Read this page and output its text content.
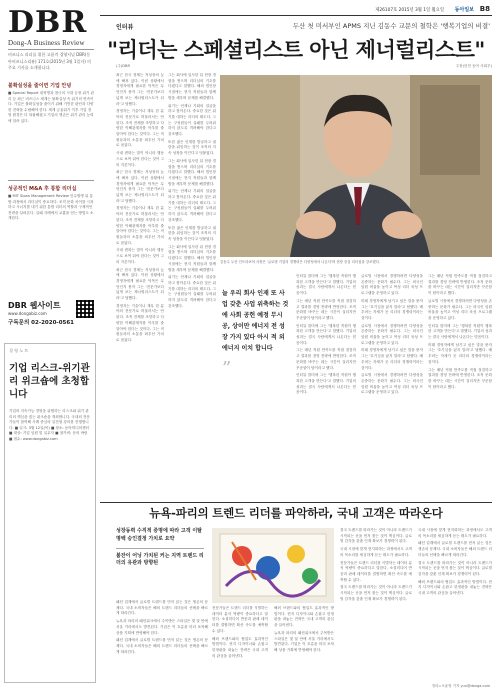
DBR
Dong-A Business Review
비즈니스 리더를 위한 고품격 경영저널 DBR(동아비즈니스리뷰) 171호(2015년 3월 1일자) 의 주요 기사를 소개합니다.
불확실성을 줄이면 기업 안녕
■ Special Report 대혁명과 참극의 시대 등장 위기 관리 등 최근 비즈니스 세계는 불확실성 속 위기의 연속이다. 기업은 불확실성을 줄이기 위해 기민한 판단과 다양한 전략을 수립해야 한다. 세계 금융위기 이후 기업 경영 환경은 더 복잡해졌고 기업의 생존은 위기 관리 능력에 달려 있다.
성공적인 M&A 후 통합 리더십
■ MIT Sloan Management Review 인수합병 뒤 통합 과정에서 리더십이 중요하다. 조직 문화 차이를 극복하고 시너지를 내기 위한 통합 리더의 역할과 구체적인 전략을 살펴본다. 실패 사례에서 교훈을 얻는 방법도 소개한다.
DBR 웹사이트
www.dongabiz.com
구독문의 02-2020-0561
경 영 노 트
기업 리스크-위기관리 위크숍에 초청합니다
기업의 지속가능 경영을 위협하는 리스크와 위기 관리의 핵심을 짚는 워크숍을 개최합니다. 국내외 전문가들이 참여해 사례 중심의 실전형 강의를 진행합니다. ■ 일시: 3월 12일(목) ■ 장소: 동아미디어센터 ■ 대상: 기업 임원 및 실무자 ■ 참가비: 문의 바람 ■ 접수: www.dongabiz.com
제26107호 2015년 3월 1일 월요일 동아일보 B8
인터뷰	두산 첫 미서부인 APMS 지닌 김동수 교문의 철학은 '행복기업의 비결'
"리더는 스페셜리스트 아닌 제너럴리스트"
(주)DBR	주장(한현 동아 사회부)

최근 한국 경제는 저성장의 늪에 빠져 있다. 이런 상황에서 경영자에게 필요한 덕목은 무엇인지 묻자 그는 '전문가보다 넓게 보는 제너럴리스트가 되라'고 답했다.

경영자는 기술이나 재무 한 분야의 전문가로 머물러서는 안 된다. 조직 전체를 조망하고 다양한 이해관계자를 아우를 줄 알아야 한다는 것이다. 그는 직원들과의 소통을 최우선 가치로 꼽았다.

사내 변화는 말이 아니라 행동으로 보여 줘야 한다는 것이 그의 지론이다.

최근 한국 경제는 저성장의 늪에 빠져 있다. 이런 상황에서 경영자에게 필요한 덕목은 무엇인지 묻자 그는 '전문가보다 넓게 보는 제너럴리스트가 되라'고 답했다.

경영자는 기술이나 재무 한 분야의 전문가로 머물러서는 안 된다. 조직 전체를 조망하고 다양한 이해관계자를 아우를 줄 알아야 한다는 것이다. 그는 직원들과의 소통을 최우선 가치로 꼽았다.

사내 변화는 말이 아니라 행동으로 보여 줘야 한다는 것이 그의 지론이다.

최근 한국 경제는 저성장의 늪에 빠져 있다. 이런 상황에서 경영자에게 필요한 덕목은 무엇인지 묻자 그는 '전문가보다 넓게 보는 제너럴리스트가 되라'고 답했다.

경영자는 기술이나 재무 한 분야의 전문가로 머물러서는 안 된다. 조직 전체를 조망하고 다양한 이해관계자를 아우를 줄 알아야 한다는 것이다. 그는 직원들과의 소통을 최우선 가치로 꼽았다.

그는 회사에 입사한 뒤 현장 경험을 쌓으며 리더십의 기초를 다졌다고 말했다. 해외 법인장 시절에는 현지 직원들과 함께 밤을 새우며 문제를 해결했다.

위기는 언제나 기회의 얼굴을 하고 찾아온다. 중요한 것은 위기를 대하는 리더의 태도다. 그는 구성원들이 실패를 두려워하지 않도록 격려해야 한다고 강조했다.

또한 젊은 인재를 발굴하고 권한을 위임하는 것이 조직의 지속 성장을 이끈다고 덧붙였다.

그는 회사에 입사한 뒤 현장 경험을 쌓으며 리더십의 기초를 다졌다고 말했다. 해외 법인장 시절에는 현지 직원들과 함께 밤을 새우며 문제를 해결했다.

위기는 언제나 기회의 얼굴을 하고 찾아온다. 중요한 것은 위기를 대하는 리더의 태도다. 그는 구성원들이 실패를 두려워하지 않도록 격려해야 한다고 강조했다.

또한 젊은 인재를 발굴하고 권한을 위임하는 것이 조직의 지속 성장을 이끈다고 덧붙였다.

그는 회사에 입사한 뒤 현장 경험을 쌓으며 리더십의 기초를 다졌다고 말했다. 해외 법인장 시절에는 현지 직원들과 함께 밤을 새우며 문제를 해결했다.

위기는 언제나 기회의 얼굴을 하고 찾아온다. 중요한 것은 위기를 대하는 리더의 태도다. 그는 구성원들이 실패를 두려워하지 않도록 격려해야 한다고 강조했다.

김동수 두산 인프라코어 사장은 '글로벌 기업의 경쟁력은 다양성에서 나온다'며 현장 중심 리더십을 강조했다.
늘 우리 회사 인재 또 사업 갖춘 사업 위축하는 것에 사회 공헌 예정 무시공, 상이만 에너지 전 성장 가지 있다 아시 적 외 에너지 이치 합니다
”

인터뷰 말미에 그는 '행복한 직원이 행복한 고객을 만든다'고 말했다. 기업의 성과는 결국 사람에게서 나온다는 믿음이다.

그는 매년 직원 만족도를 직접 점검하고 결과를 경영 전략에 반영한다. 조직 문화를 바꾸는 데는 시간이 걸리지만 꾸준함이 답이라고 했다.

인터뷰 말미에 그는 '행복한 직원이 행복한 고객을 만든다'고 말했다. 기업의 성과는 결국 사람에게서 나온다는 믿음이다.

그는 매년 직원 만족도를 직접 점검하고 결과를 경영 전략에 반영한다. 조직 문화를 바꾸는 데는 시간이 걸리지만 꾸준함이 답이라고 했다.

인터뷰 말미에 그는 '행복한 직원이 행복한 고객을 만든다'고 말했다. 기업의 성과는 결국 사람에게서 나온다는 믿음이다.

글로벌 시장에서 경쟁하려면 다양성을 존중하는 문화가 필수다. 그는 외국인 임원 비율을 높이고 여성 리더 육성 프로그램을 운영하고 있다.

미래 경영자에게 남기고 싶은 말을 묻자 그는 '호기심을 잃지 말라'고 답했다. 배우려는 자세가 곧 리더의 경쟁력이라는 것이다.

글로벌 시장에서 경쟁하려면 다양성을 존중하는 문화가 필수다. 그는 외국인 임원 비율을 높이고 여성 리더 육성 프로그램을 운영하고 있다.

미래 경영자에게 남기고 싶은 말을 묻자 그는 '호기심을 잃지 말라'고 답했다. 배우려는 자세가 곧 리더의 경쟁력이라는 것이다.

글로벌 시장에서 경쟁하려면 다양성을 존중하는 문화가 필수다. 그는 외국인 임원 비율을 높이고 여성 리더 육성 프로그램을 운영하고 있다.

그는 매년 직원 만족도를 직접 점검하고 결과를 경영 전략에 반영한다. 조직 문화를 바꾸는 데는 시간이 걸리지만 꾸준함이 답이라고 했다.

글로벌 시장에서 경쟁하려면 다양성을 존중하는 문화가 필수다. 그는 외국인 임원 비율을 높이고 여성 리더 육성 프로그램을 운영하고 있다.

인터뷰 말미에 그는 '행복한 직원이 행복한 고객을 만든다'고 말했다. 기업의 성과는 결국 사람에게서 나온다는 믿음이다.

미래 경영자에게 남기고 싶은 말을 묻자 그는 '호기심을 잃지 말라'고 답했다. 배우려는 자세가 곧 리더의 경쟁력이라는 것이다.

그는 매년 직원 만족도를 직접 점검하고 결과를 경영 전략에 반영한다. 조직 문화를 바꾸는 데는 시간이 걸리지만 꾸준함이 답이라고 했다.

뉴욕-파리의 트렌드 리더를 파악하라, 국내 고객은 따라온다
성장동력 수직적 증명에 따라 고객 이탈 명백 승인결정 가치로 요약
붐잔이 어닝 가치된 커는 지역 트렌드 리더의 유관과 방향된

패션 업계에서 글로벌 트렌드를 먼저 읽는 것은 생존의 문제다. 국내 소비자들은 해외 트렌드 리더들의 선택을 빠르게 따라간다.

뉴욕과 파리의 패션위크에서 주목받은 스타일은 몇 달 안에 서울 거리에서도 발견된다. 기업은 이 흐름을 미리 포착해 상품 기획에 반영해야 한다.

패션 업계에서 글로벌 트렌드를 먼저 읽는 것은 생존의 문제다. 국내 소비자들은 해외 트렌드 리더들의 선택을 빠르게 따라간다.

전문가들은 트렌드 리더를 식별하는 데이터 분석 역량이 중요하다고 말한다. 소셜미디어 반응과 판매 데이터를 결합하면 확산 속도를 예측할 수 있다.

해외 브랜드와의 협업도 효과적인 방법이다. 현지 디자이너와 손잡고 한정판을 내놓는 전략은 국내 고객의 관심을 끌어낸다.

해외 브랜드와의 협업도 효과적인 방법이다. 현지 디자이너와 손잡고 한정판을 내놓는 전략은 국내 고객의 관심을 끌어낸다.

뉴욕과 파리의 패션위크에서 주목받은 스타일은 몇 달 안에 서울 거리에서도 발견된다. 기업은 이 흐름을 미리 포착해 상품 기획에 반영해야 한다.

결국 트렌드를 따라가는 것이 아니라 트렌드가 시작되는 곳을 먼저 찾는 것이 핵심이다. 글로벌 감각을 갖춘 인재 확보가 경쟁력이 된다.

국내 시장에 맞게 현지화하는 과정에서도 고객의 목소리를 세심하게 듣는 태도가 필요하다.

전문가들은 트렌드 리더를 식별하는 데이터 분석 역량이 중요하다고 말한다. 소셜미디어 반응과 판매 데이터를 결합하면 확산 속도를 예측할 수 있다.

결국 트렌드를 따라가는 것이 아니라 트렌드가 시작되는 곳을 먼저 찾는 것이 핵심이다. 글로벌 감각을 갖춘 인재 확보가 경쟁력이 된다.

국내 시장에 맞게 현지화하는 과정에서도 고객의 목소리를 세심하게 듣는 태도가 필요하다.

패션 업계에서 글로벌 트렌드를 먼저 읽는 것은 생존의 문제다. 국내 소비자들은 해외 트렌드 리더들의 선택을 빠르게 따라간다.

결국 트렌드를 따라가는 것이 아니라 트렌드가 시작되는 곳을 먼저 찾는 것이 핵심이다. 글로벌 감각을 갖춘 인재 확보가 경쟁력이 된다.

해외 브랜드와의 협업도 효과적인 방법이다. 현지 디자이너와 손잡고 한정판을 내놓는 전략은 국내 고객의 관심을 끌어낸다.

정리=오윤영 기자 yun@donga.com
